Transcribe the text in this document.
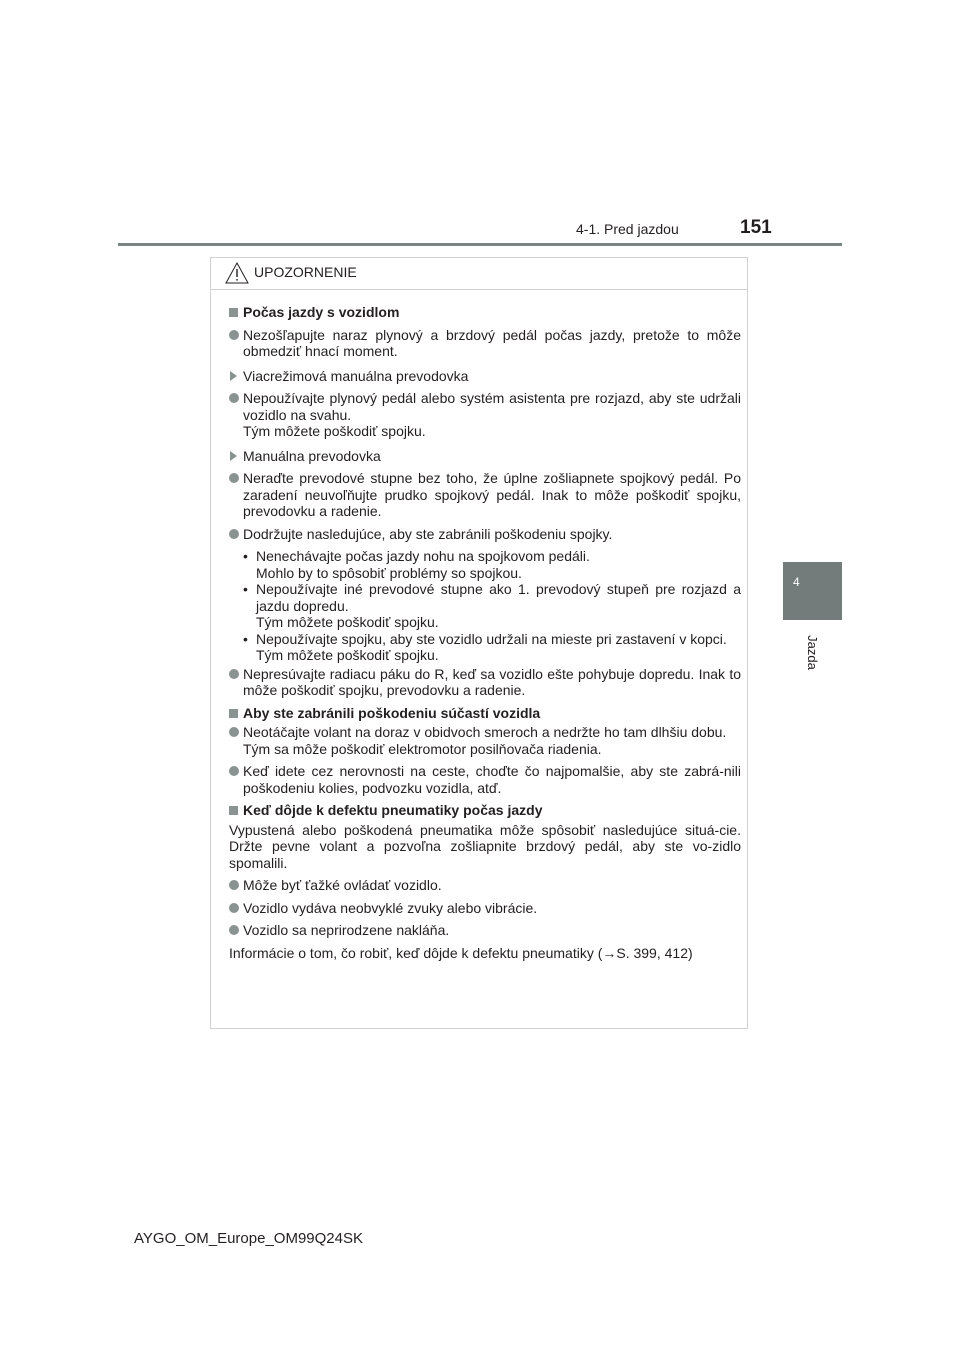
4-1. Pred jazdou	151
4
Jazda
UPOZORNENIE
Počas jazdy s vozidlom
Nezošľapujte naraz plynový a brzdový pedál počas jazdy, pretože to môže obmedziť hnací moment.
Viacrežimová manuálna prevodovka
Nepoužívajte plynový pedál alebo systém asistenta pre rozjazd, aby ste udržali vozidlo na svahu.
Tým môžete poškodiť spojku.
Manuálna prevodovka
Neraďte prevodové stupne bez toho, že úplne zošliapnete spojkový pedál. Po zaradení neuvoľňujte prudko spojkový pedál. Inak to môže poškodiť spojku, prevodovku a radenie.
Dodržujte nasledujúce, aby ste zabránili poškodeniu spojky.
• Nenechávajte počas jazdy nohu na spojkovom pedáli.
Mohlo by to spôsobiť problémy so spojkou.
• Nepoužívajte iné prevodové stupne ako 1. prevodový stupeň pre rozjazd a jazdu dopredu.
Tým môžete poškodiť spojku.
• Nepoužívajte spojku, aby ste vozidlo udržali na mieste pri zastavení v kopci.
Tým môžete poškodiť spojku.
Nepresúvajte radiacu páku do R, keď sa vozidlo ešte pohybuje dopredu. Inak to môže poškodiť spojku, prevodovku a radenie.
Aby ste zabránili poškodeniu súčastí vozidla
Neotáčajte volant na doraz v obidvoch smeroch a nedržte ho tam dlhšiu dobu.
Tým sa môže poškodiť elektromotor posilňovača riadenia.
Keď idete cez nerovnosti na ceste, choďte čo najpomalšie, aby ste zabrá-nili poškodeniu kolies, podvozku vozidla, atď.
Keď dôjde k defektu pneumatiky počas jazdy
Vypustená alebo poškodená pneumatika môže spôsobiť nasledujúce situá-cie. Držte pevne volant a pozvoľna zošliapnite brzdový pedál, aby ste vo-zidlo spomalili.
Môže byť ťažké ovládať vozidlo.
Vozidlo vydáva neobvyklé zvuky alebo vibrácie.
Vozidlo sa neprirodzene nakláňa.
Informácie o tom, čo robiť, keď dôjde k defektu pneumatiky (→S. 399, 412)
AYGO_OM_Europe_OM99Q24SK
